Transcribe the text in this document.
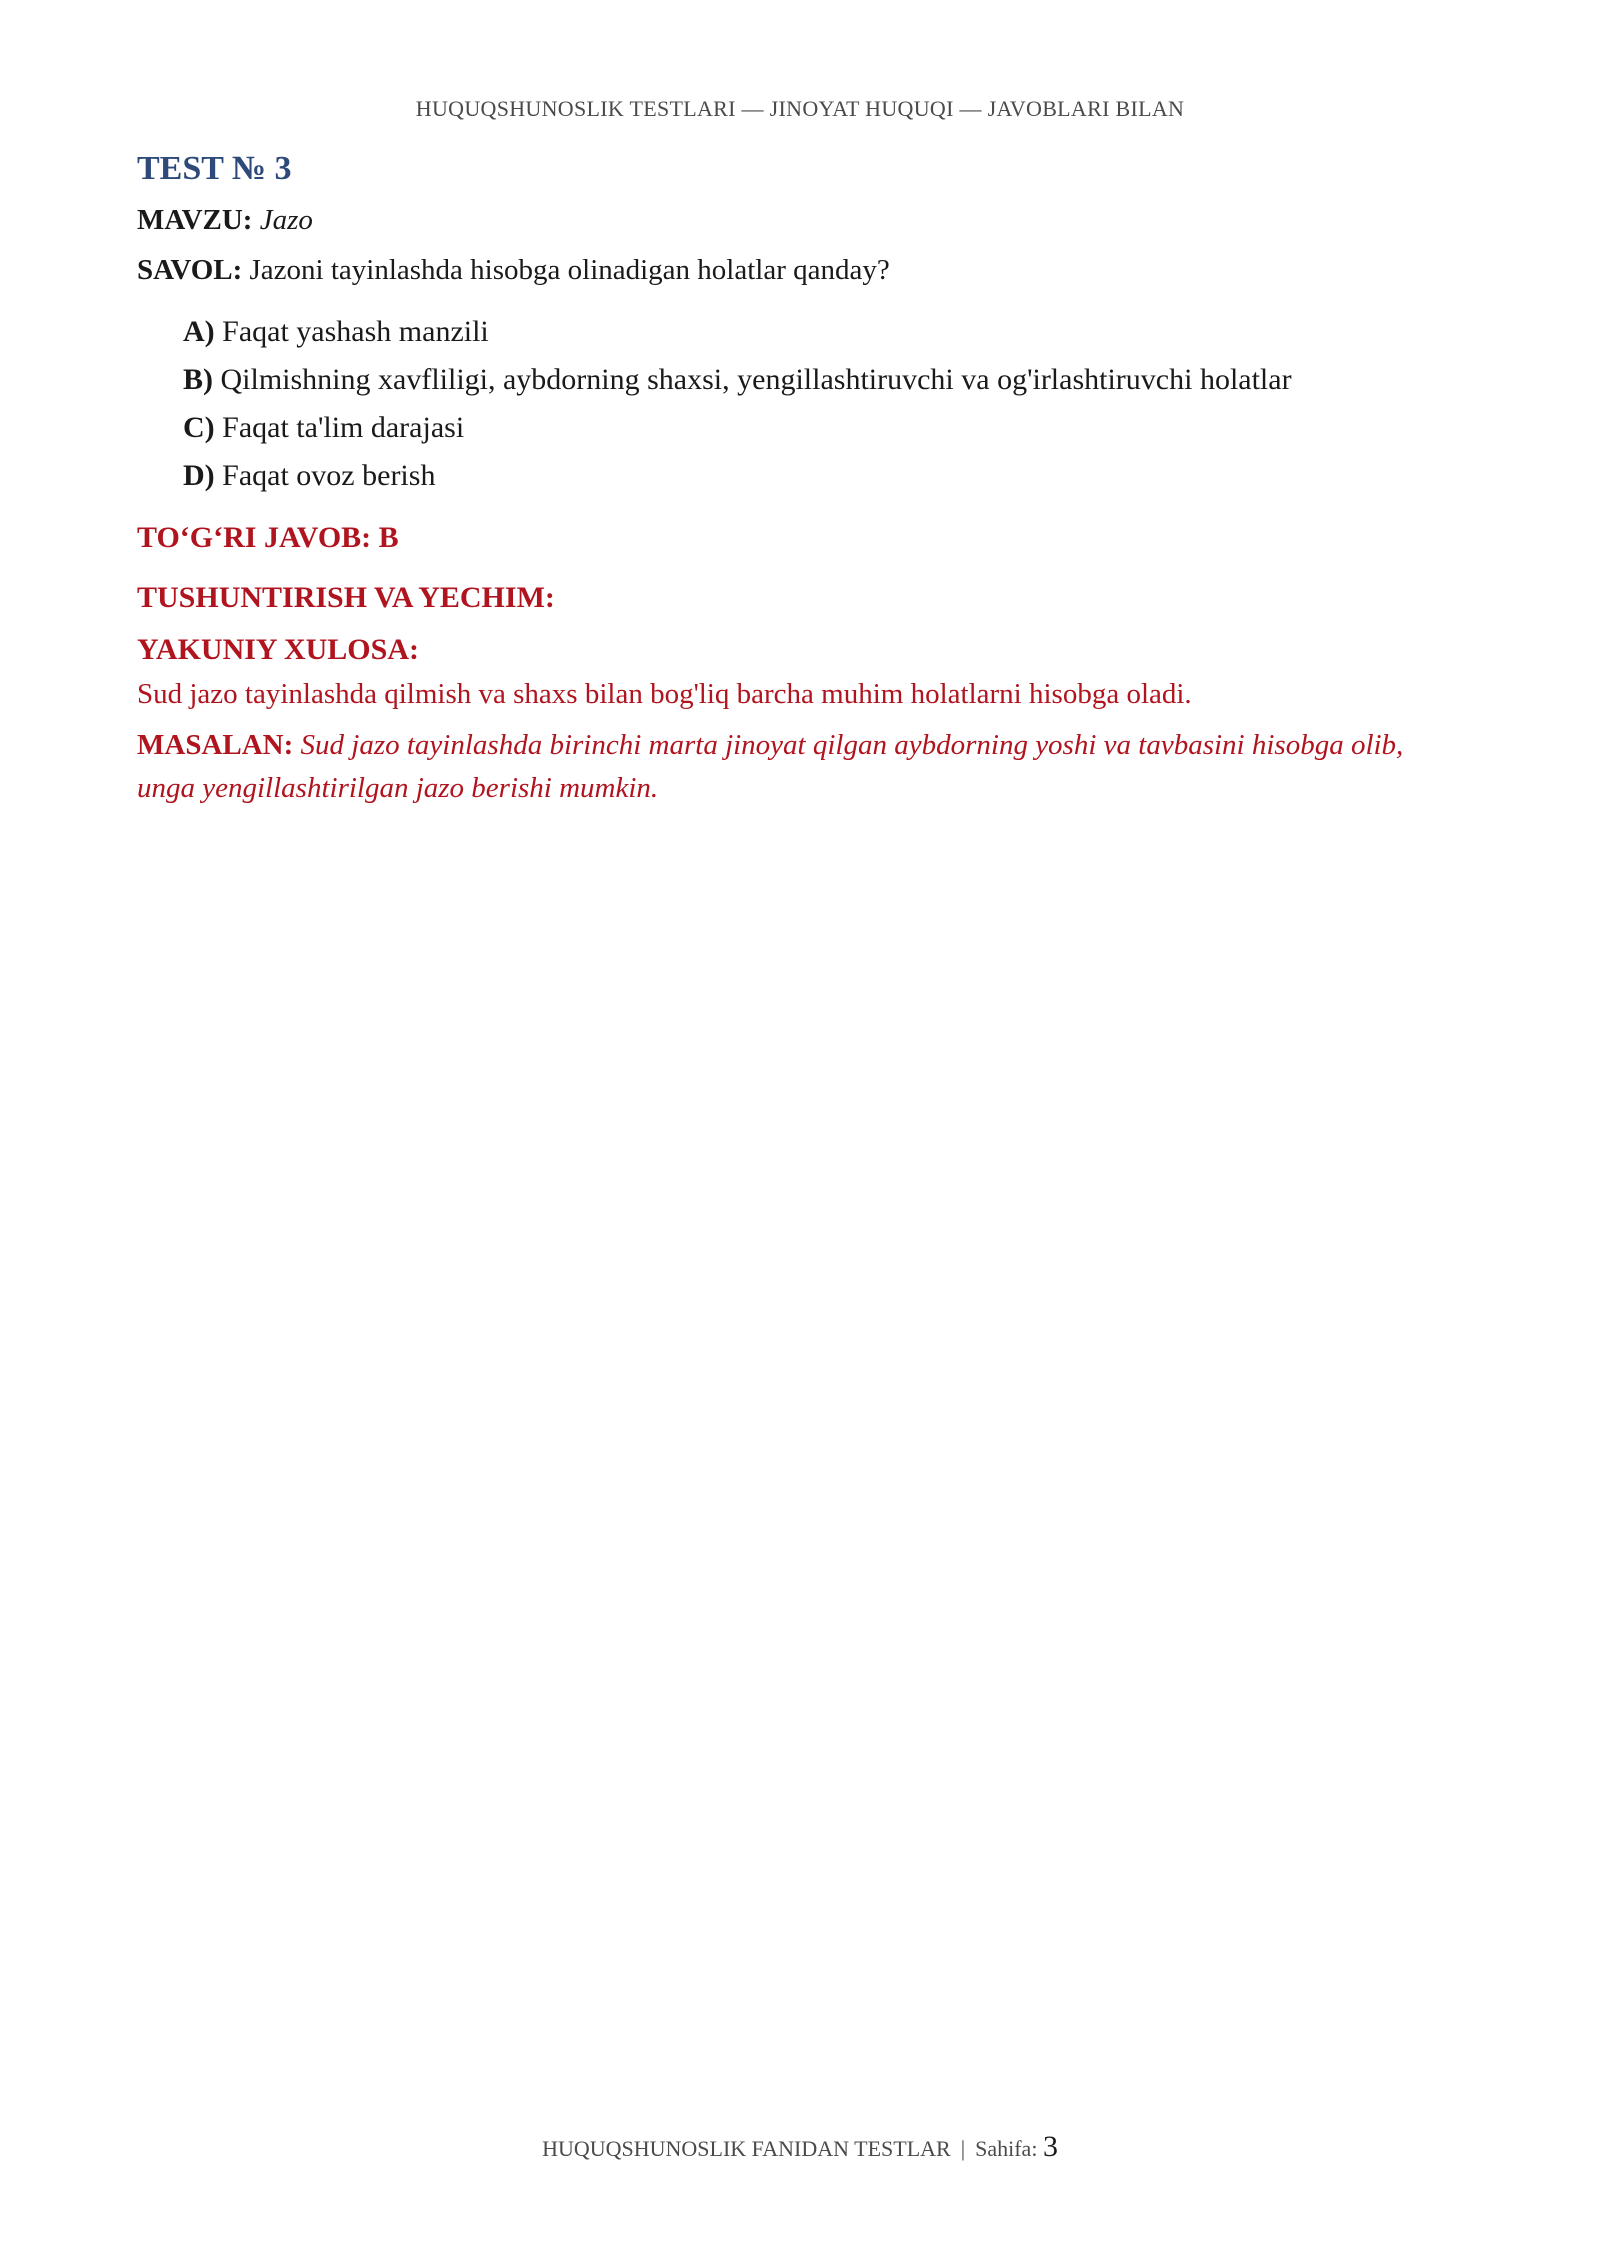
HUQUQSHUNOSLIK TESTLARI — JINOYAT HUQUQI — JAVOBLARI BILAN
TEST № 3

MAVZU: Jazo

SAVOL: Jazoni tayinlashda hisobga olinadigan holatlar qanday?

A) Faqat yashash manzili
B) Qilmishning xavfliligi, aybdorning shaxsi, yengillashtiruvchi va og'irlashtiruvchi holatlar
C) Faqat ta'lim darajasi
D) Faqat ovoz berish
TO‘G‘RI JAVOB: B
TUSHUNTIRISH VA YECHIM:
YAKUNIY XULOSA:
Sud jazo tayinlashda qilmish va shaxs bilan bog'liq barcha muhim holatlarni hisobga oladi.
MASALAN: Sud jazo tayinlashda birinchi marta jinoyat qilgan aybdorning yoshi va tavbasini hisobga olib, unga yengillashtirilgan jazo berishi mumkin.
HUQUQSHUNOSLIK FANIDAN TESTLAR | Sahifa: 3
